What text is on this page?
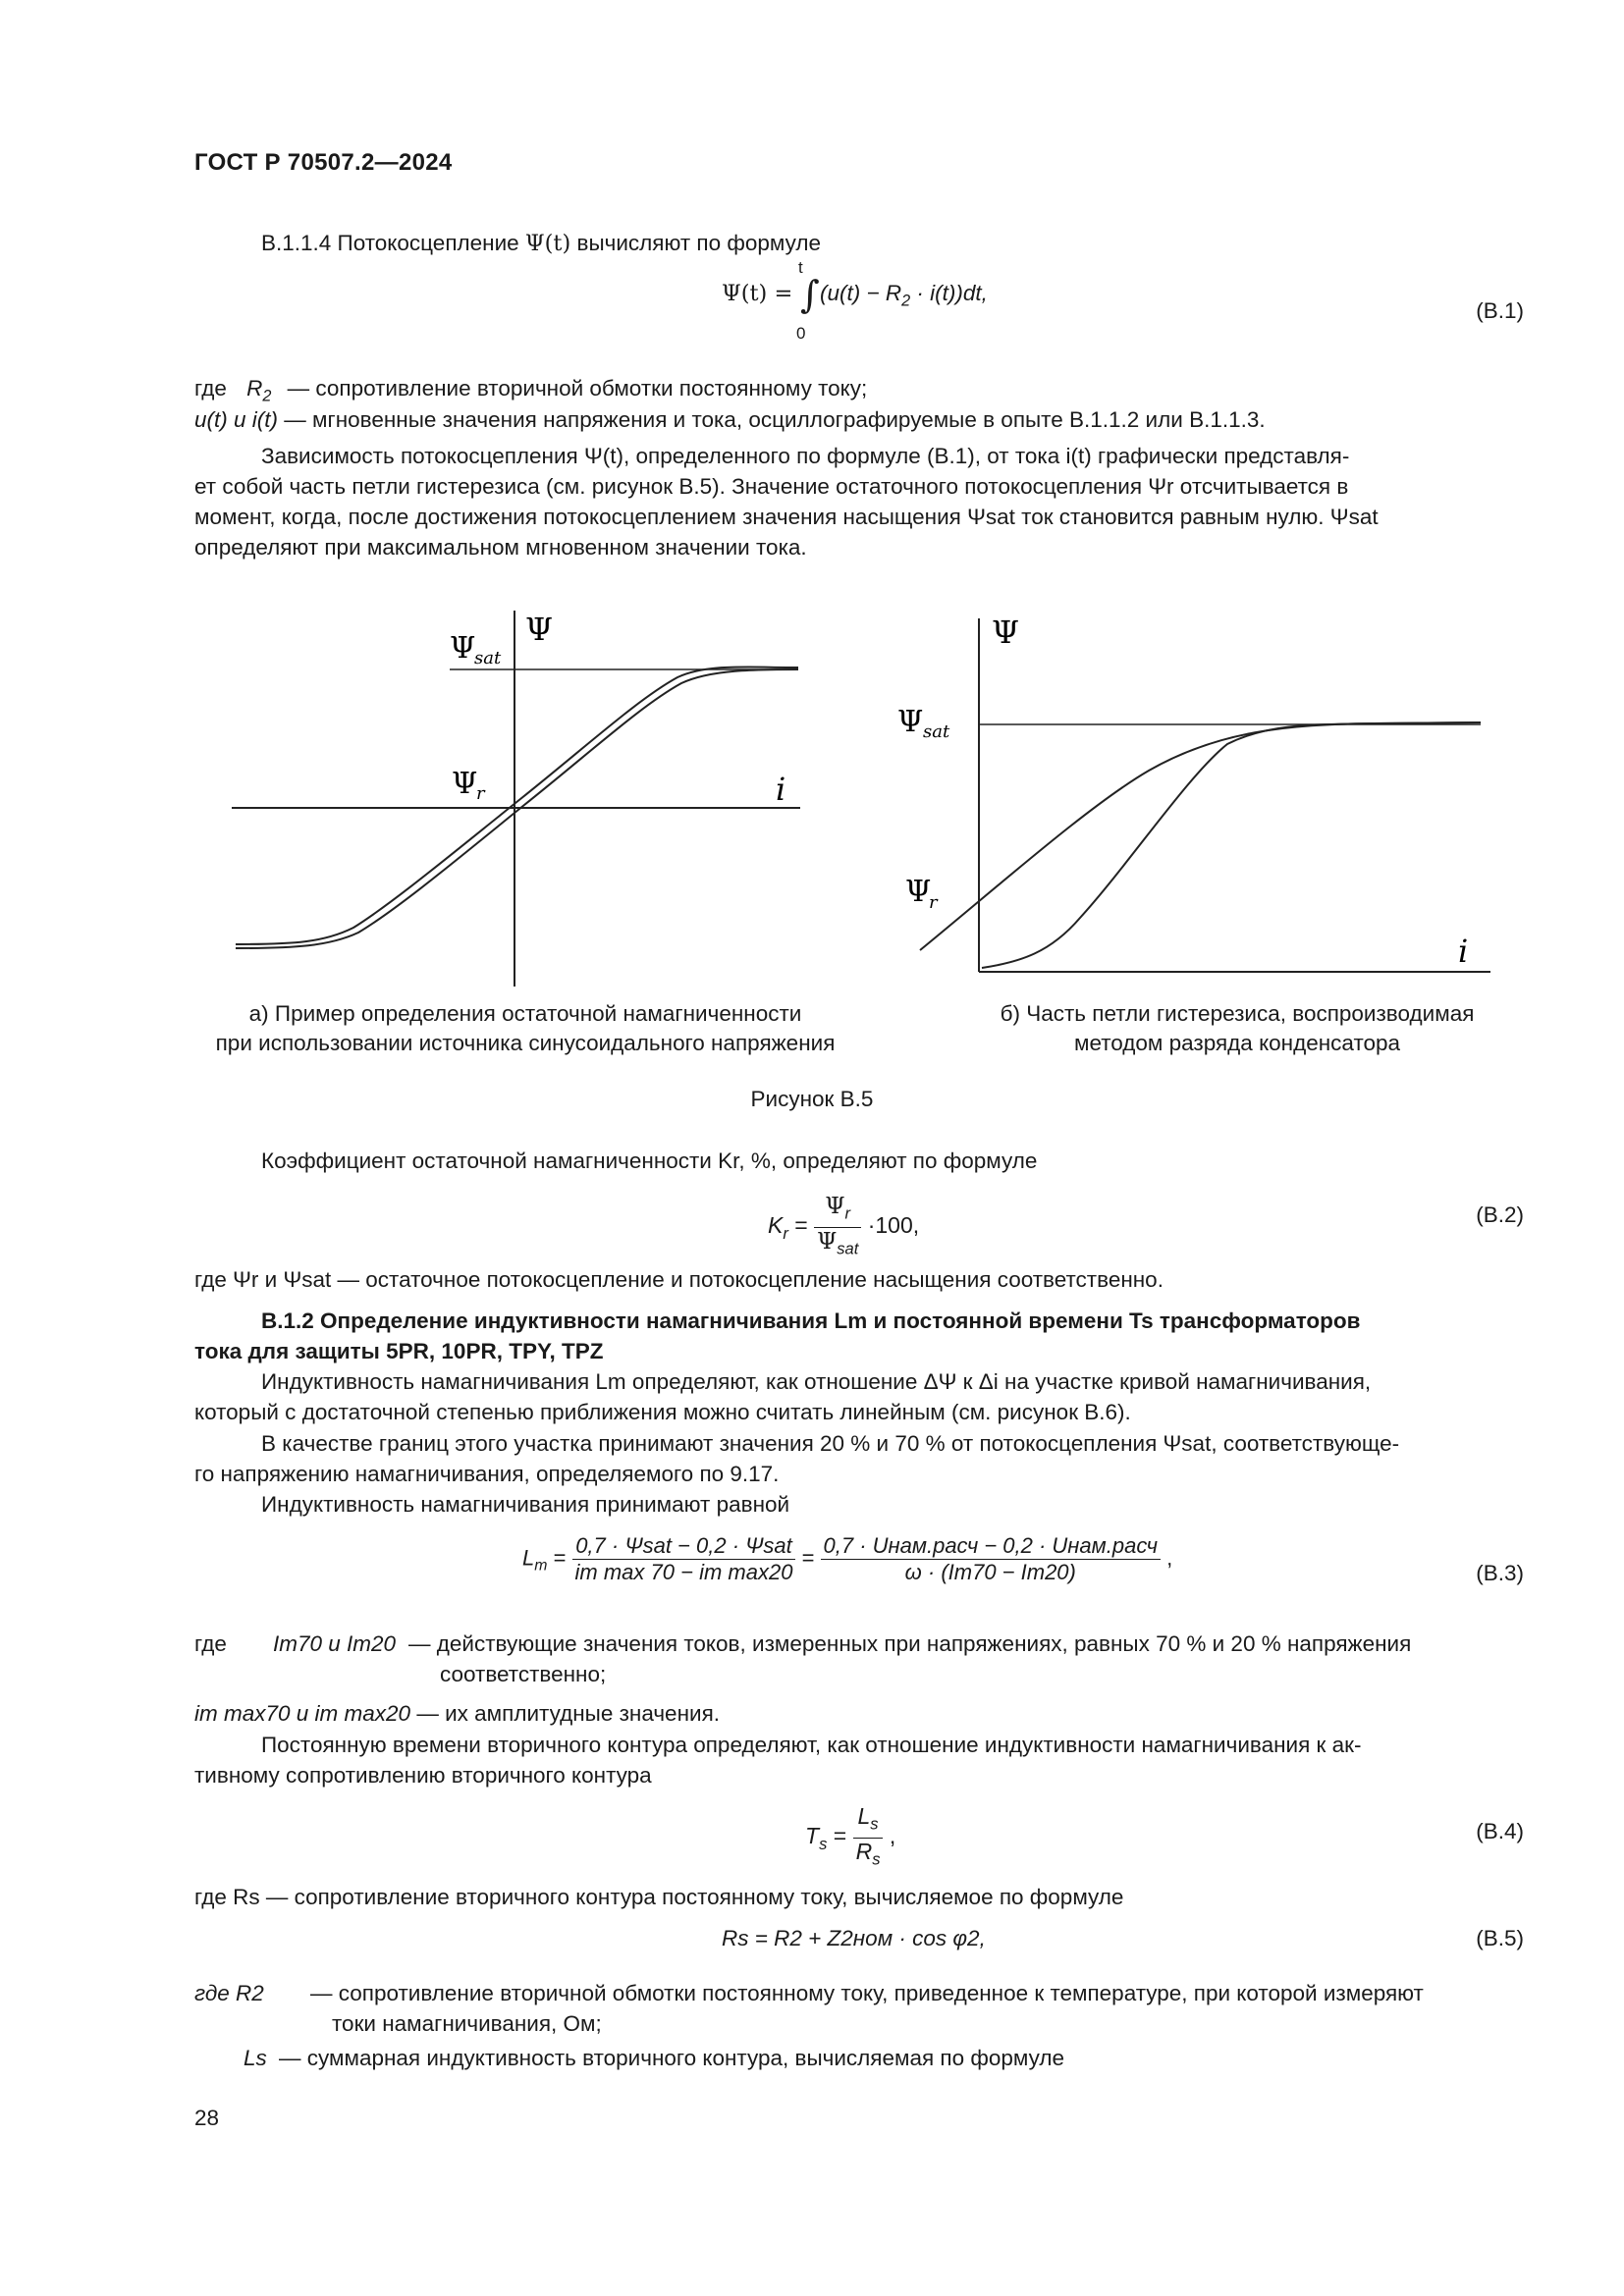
ГОСТ Р 70507.2—2024
В.1.1.4 Потокосцепление Ψ(t) вычисляют по формуле
Ψ(t) = ∫
t
0
$(u(t) - R_2 \cdot i(t))dt$,
(В.1)
где $R_2$ — сопротивление вторичной обмотки постоянному току;
u(t) и i(t) — мгновенные значения напряжения и тока, осциллографируемые в опыте В.1.1.2 или В.1.1.3.
Зависимость потокосцепления Ψ(t), определенного по формуле (В.1), от тока i(t) графически представля-
ет собой часть петли гистерезиса (см. рисунок В.5). Значение остаточного потокосцепления Ψr отсчитывается в
момент, когда, после достижения потокосцеплением значения насыщения Ψsat ток становится равным нулю. Ψsat
определяют при максимальном мгновенном значении тока.
Ψ
Ψ
sat
Ψ
r	i
Ψ
Ψ sat
Ψ
r
i
а) Пример определения остаточной намагниченности
при использовании источника синусоидального напряжения
б) Часть петли гистерезиса, воспроизводимая
методом разряда конденсатора
Рисунок В.5
Коэффициент остаточной намагниченности Kr, %, определяют по формуле
$K_r = \frac{\Psi_r}{\Psi_{sat}} \cdot 100$,	(В.2)
где Ψr и Ψsat — остаточное потокосцепление и потокосцепление насыщения соответственно.
В.1.2 Определение индуктивности намагничивания Lm и постоянной времени Ts трансформаторов
тока для защиты 5PR, 10PR, TPY, TPZ
Индуктивность намагничивания Lm определяют, как отношение ΔΨ к Δi на участке кривой намагничивания,
который с достаточной степенью приближения можно считать линейным (см. рисунок В.6).
В качестве границ этого участка принимают значения 20 % и 70 % от потокосцепления Ψsat, соответствующе-
го напряжению намагничивания, определяемого по 9.17.
Индуктивность намагничивания принимают равной
$L_m = \frac{\text{0,7 · Ψsat − 0,2 · Ψsat}}{\text{im max 70 − im max20}} = \frac{\text{0,7 · Uнам.расч − 0,2 · Uнам.расч}}{\omega \cdot (Im70 - Im20)}$ ,
(В.3)
где Im70 и Im20 — действующие значения токов, измеренных при напряжениях, равных 70 % и 20 % напряжения
соответственно;
im max70 и im max20 — их амплитудные значения.
Постоянную времени вторичного контура определяют, как отношение индуктивности намагничивания к ак-
тивному сопротивлению вторичного контура
$T_s = \frac{L_s}{R_s}$ ,	(В.4)
где Rs — сопротивление вторичного контура постоянному току, вычисляемое по формуле
Rs = R2 + Z2ном · cos φ2,	(В.5)
где R2 — сопротивление вторичной обмотки постоянному току, приведенное к температуре, при которой измеряют
токи намагничивания, Ом;
Ls — суммарная индуктивность вторичного контура, вычисляемая по формуле
28
